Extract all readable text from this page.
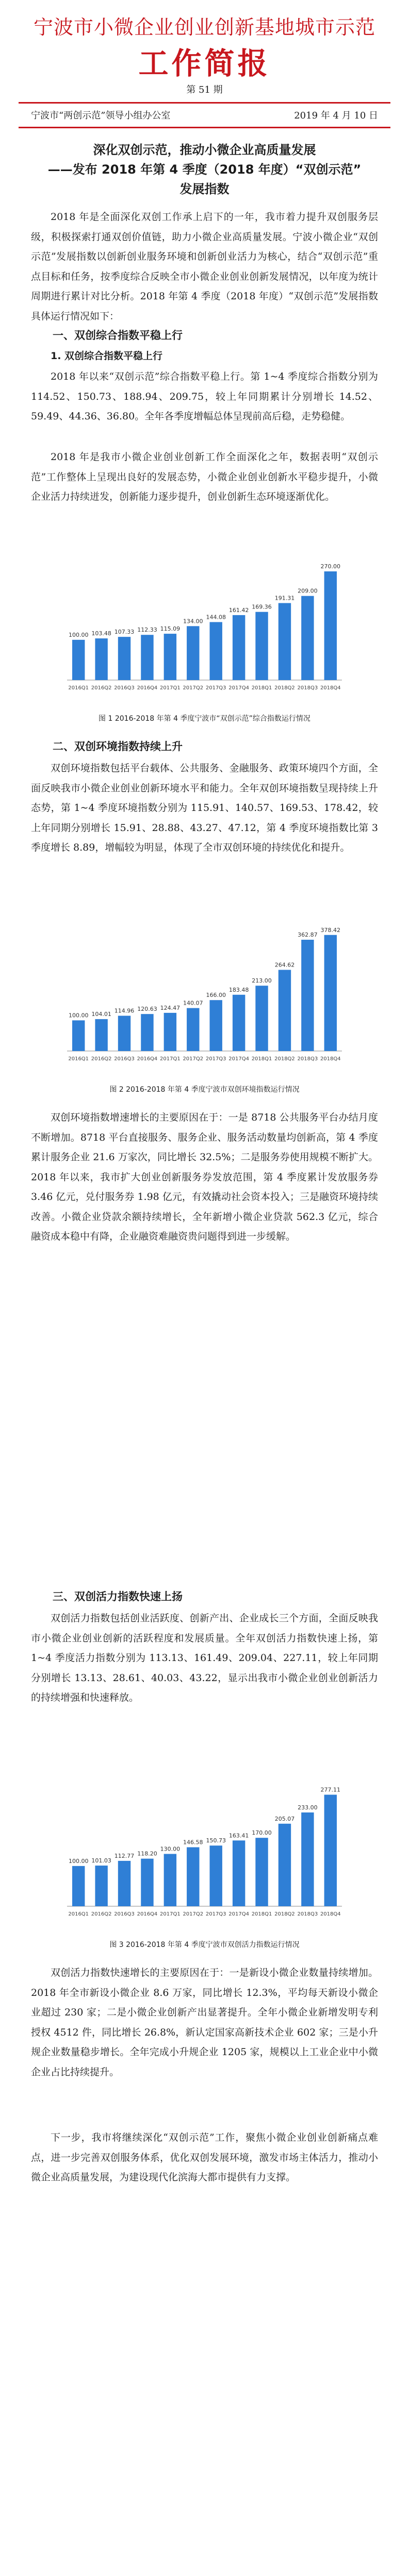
宁波市小微企业创业创新基地城市示范
工作简报
第 51 期
宁波市“两创示范”领导小组办公室	2019 年 4 月 10 日
深化双创示范，推动小微企业高质量发展
——发布 2018 年第 4 季度（2018 年度）“双创示范”
发展指数

2018 年是全面深化双创工作承上启下的一年，我市着力提升双创服务层级，积极探索打通双创价值链，助力小微企业高质量发展。宁波小微企业“双创示范”发展指数以创新创业服务环境和创新创业活力为核心，结合“双创示范”重点目标和任务，按季度综合反映全市小微企业创业创新发展情况，以年度为统计周期进行累计对比分析。2018 年第 4 季度（2018 年度）“双创示范”发展指数具体运行情况如下：

一、双创综合指数平稳上行
1. 双创综合指数平稳上行

2018 年以来“双创示范”综合指数平稳上行。第 1~4 季度综合指数分别为 114.52、150.73、188.94、209.75，较上年同期累计分别增长 14.52、59.49、44.36、36.80。全年各季度增幅总体呈现前高后稳，走势稳健。

2018 年是我市小微企业创业创新工作全面深化之年，数据表明“双创示范”工作整体上呈现出良好的发展态势，小微企业创业创新水平稳步提升，小微企业活力持续迸发，创新能力逐步提升，创业创新生态环境逐渐优化。

100.00
2016Q1
103.48
2016Q2
107.33
2016Q3
112.33
2016Q4
115.09
2017Q1
134.00
2017Q2
144.08
2017Q3
161.42
2017Q4
169.36
2018Q1
191.31
2018Q2
209.00
2018Q3
270.00
2018Q4
图 1 2016-2018 年第 4 季度宁波市“双创示范”综合指数运行情况
二、双创环境指数持续上升

双创环境指数包括平台载体、公共服务、金融服务、政策环境四个方面，全面反映我市小微企业创业创新环境水平和能力。全年双创环境指数呈现持续上升态势，第 1~4 季度环境指数分别为 115.91、140.57、169.53、178.42，较上年同期分别增长 15.91、28.88、43.27、47.12，第 4 季度环境指数比第 3 季度增长 8.89，增幅较为明显，体现了全市双创环境的持续优化和提升。

100.00
2016Q1
104.01
2016Q2
114.96
2016Q3
120.63
2016Q4
124.47
2017Q1
140.07
2017Q2
166.00
2017Q3
183.48
2017Q4
213.00
2018Q1
264.62
2018Q2
362.87
2018Q3
378.42
2018Q4
图 2 2016-2018 年第 4 季度宁波市双创环境指数运行情况

双创环境指数增速增长的主要原因在于：一是 8718 公共服务平台办结月度不断增加。8718 平台直接服务、服务企业、服务活动数量均创新高，第 4 季度累计服务企业 21.6 万家次，同比增长 32.5%；二是服务券使用规模不断扩大。2018 年以来，我市扩大创业创新服务券发放范围，第 4 季度累计发放服务券 3.46 亿元，兑付服务券 1.98 亿元，有效撬动社会资本投入；三是融资环境持续改善。小微企业贷款余额持续增长，全年新增小微企业贷款 562.3 亿元，综合融资成本稳中有降，企业融资难融资贵问题得到进一步缓解。

三、双创活力指数快速上扬

双创活力指数包括创业活跃度、创新产出、企业成长三个方面，全面反映我市小微企业创业创新的活跃程度和发展质量。全年双创活力指数快速上扬，第 1~4 季度活力指数分别为 113.13、161.49、209.04、227.11，较上年同期分别增长 13.13、28.61、40.03、43.22，显示出我市小微企业创业创新活力的持续增强和快速释放。

100.00
2016Q1
101.03
2016Q2
112.77
2016Q3
118.20
2016Q4
130.00
2017Q1
146.58
2017Q2
150.73
2017Q3
163.41
2017Q4
170.00
2018Q1
205.07
2018Q2
233.00
2018Q3
277.11
2018Q4
图 3 2016-2018 年第 4 季度宁波市双创活力指数运行情况

双创活力指数快速增长的主要原因在于：一是新设小微企业数量持续增加。2018 年全市新设小微企业 8.6 万家，同比增长 12.3%，平均每天新设小微企业超过 230 家；二是小微企业创新产出显著提升。全年小微企业新增发明专利授权 4512 件，同比增长 26.8%，新认定国家高新技术企业 602 家；三是小升规企业数量稳步增长。全年完成小升规企业 1205 家，规模以上工业企业中小微企业占比持续提升。

下一步，我市将继续深化“双创示范”工作，聚焦小微企业创业创新痛点难点，进一步完善双创服务体系，优化双创发展环境，激发市场主体活力，推动小微企业高质量发展，为建设现代化滨海大都市提供有力支撑。
